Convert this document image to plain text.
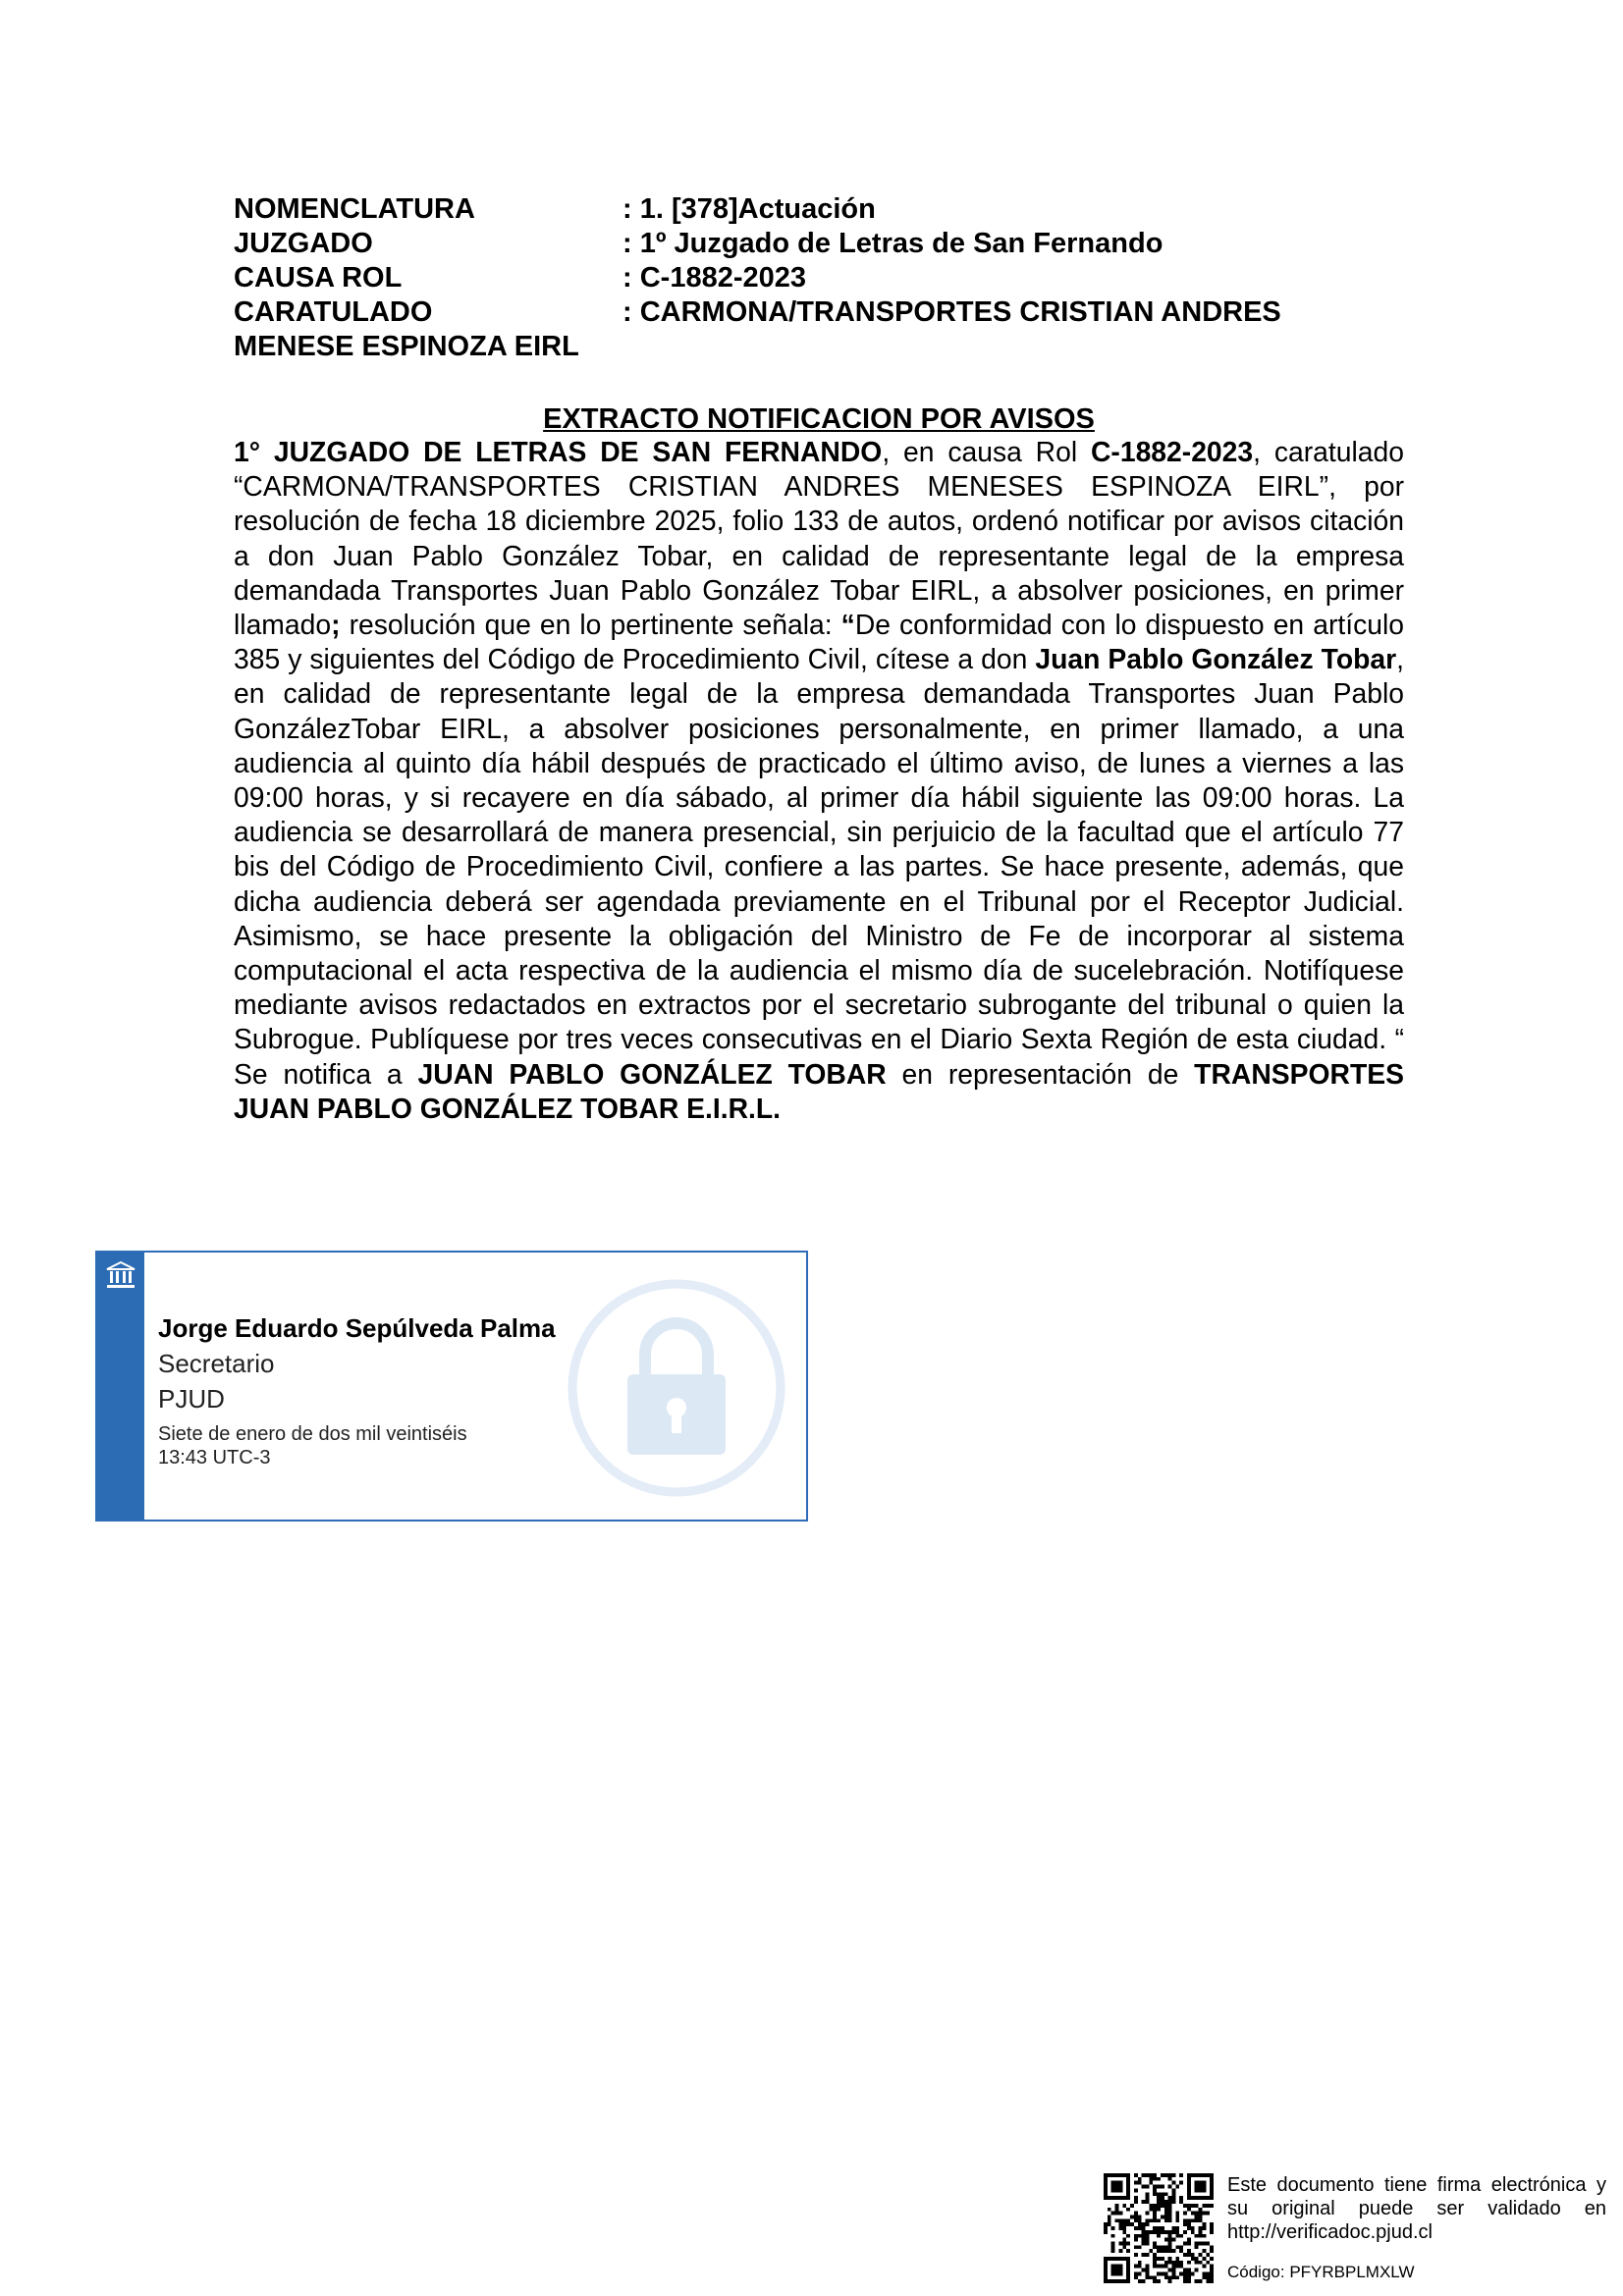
NOMENCLATURA	: 1. [378]Actuación
JUZGADO	: 1º Juzgado de Letras de San Fernando
CAUSA ROL	: C-1882-2023
CARATULADO	: CARMONA/TRANSPORTES CRISTIAN ANDRES
MENESE ESPINOZA EIRL
EXTRACTO NOTIFICACION POR AVISOS
1° JUZGADO DE LETRAS DE SAN FERNANDO, en causa Rol C-1882-2023, caratulado “CARMONA/TRANSPORTES CRISTIAN ANDRES MENESES ESPINOZA EIRL”, por resolución de fecha 18 diciembre 2025, folio 133 de autos, ordenó notificar por avisos citación a don Juan Pablo González Tobar, en calidad de representante legal de la empresa demandada Transportes Juan Pablo González Tobar EIRL, a absolver posiciones, en primer llamado; resolución que en lo pertinente señala: “De conformidad con lo dispuesto en artículo 385 y siguientes del Código de Procedimiento Civil, cítese a don Juan Pablo González Tobar, en calidad de representante legal de la empresa demandada Transportes Juan Pablo GonzálezTobar EIRL, a absolver posiciones personalmente, en primer llamado, a una audiencia al quinto día hábil después de practicado el último aviso, de lunes a viernes a las 09:00 horas, y si recayere en día sábado, al primer día hábil siguiente las 09:00 horas. La audiencia se desarrollará de manera presencial, sin perjuicio de la facultad que el artículo 77 bis del Código de Procedimiento Civil, confiere a las partes. Se hace presente, además, que dicha audiencia deberá ser agendada previamente en el Tribunal por el Receptor Judicial. Asimismo, se hace presente la obligación del Ministro de Fe de incorporar al sistema computacional el acta respectiva de la audiencia el mismo día de sucelebración. Notifíquese mediante avisos redactados en extractos por el secretario subrogante del tribunal o quien la Subrogue. Publíquese por tres veces consecutivas en el Diario Sexta Región de esta ciudad. “ Se notifica a JUAN PABLO GONZÁLEZ TOBAR en representación de TRANSPORTES JUAN PABLO GONZÁLEZ TOBAR E.I.R.L.
Jorge Eduardo Sepúlveda Palma
Secretario
PJUD
Siete de enero de dos mil veintiséis
13:43 UTC-3
Este documento tiene firma electrónica y su original puede ser validado en http://verificadoc.pjud.cl
Código: PFYRBPLMXLW
